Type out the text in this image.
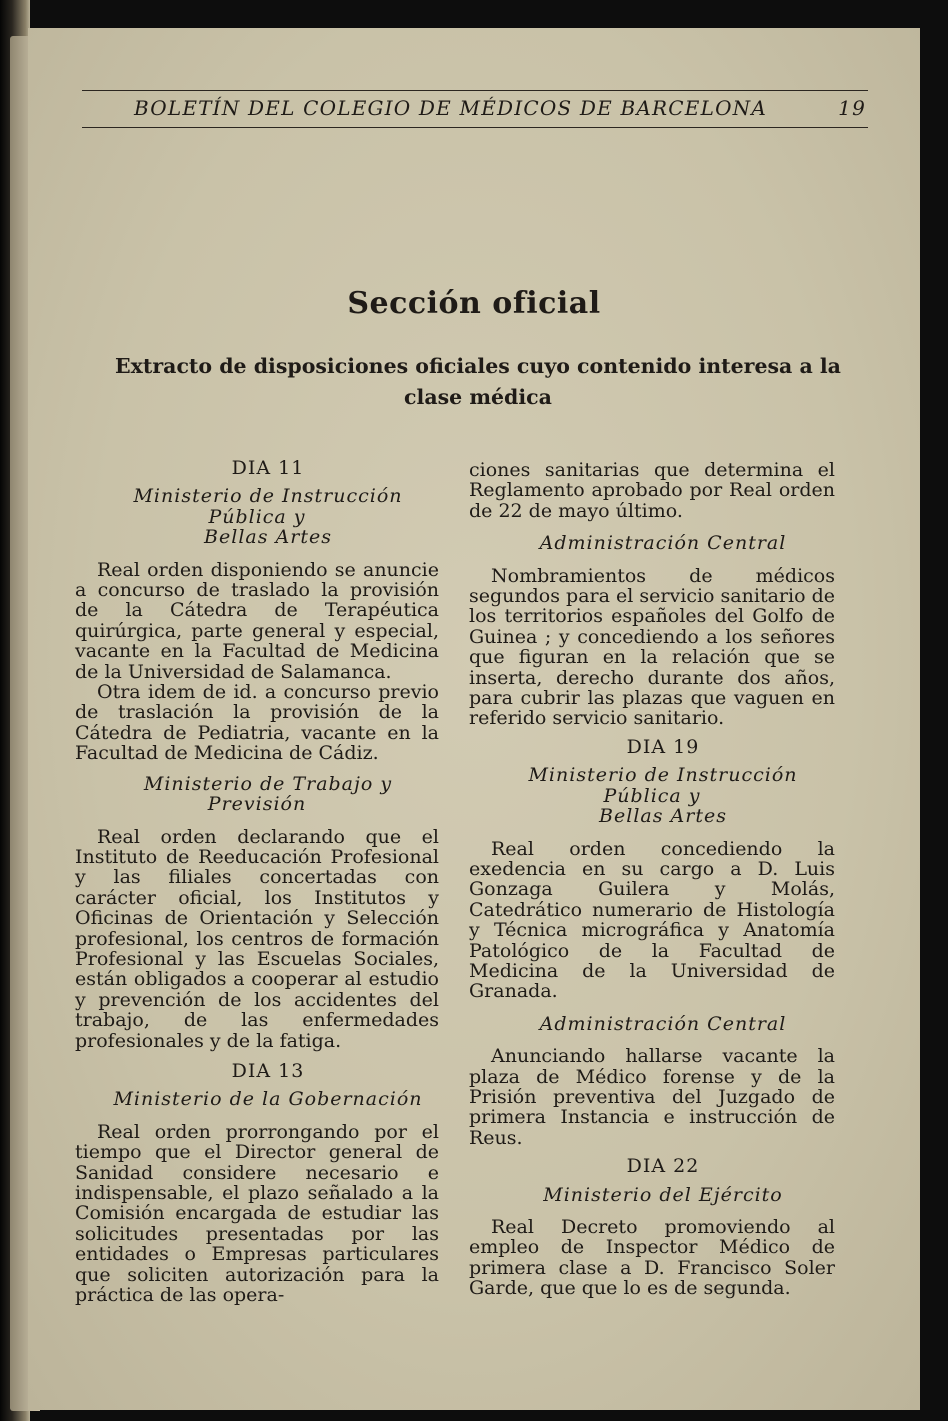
BOLETÍN DEL COLEGIO DE MÉDICOS DE BARCELONA	19
Sección oficial
Extracto de disposiciones oficiales cuyo contenido interesa a la
clase médica

DIA 11

Ministerio de Instrucción Pública y

Bellas Artes

Real orden disponiendo se anuncie a concurso de traslado la provisión de la Cátedra de Terapéutica quirúrgica, parte general y especial, vacante en la Facultad de Medicina de la Universidad de Salamanca.

Otra idem de id. a concurso previo de traslación la provisión de la Cátedra de Pediatria, vacante en la Facultad de Medicina de Cádiz.

Ministerio de Trabajo y Previsión

Real orden declarando que el Instituto de Reeducación Profesional y las filiales concertadas con carácter oficial, los Institutos y Oficinas de Orientación y Selección profesional, los centros de formación Profesional y las Escuelas Sociales, están obligados a cooperar al estudio y prevención de los accidentes del trabajo, de las enfermedades profesionales y de la fatiga.

DIA 13

Ministerio de la Gobernación

Real orden prorrongando por el tiempo que el Director general de Sanidad considere necesario e indispensable, el plazo señalado a la Comisión encargada de estudiar las solicitudes presentadas por las entidades o Empresas particulares que soliciten autorización para la práctica de las opera-

ciones sanitarias que determina el Reglamento aprobado por Real orden de 22 de mayo último.

Administración Central

Nombramientos de médicos segundos para el servicio sanitario de los territorios españoles del Golfo de Guinea ; y concediendo a los señores que figuran en la relación que se inserta, derecho durante dos años, para cubrir las plazas que vaguen en referido servicio sanitario.

DIA 19

Ministerio de Instrucción Pública y

Bellas Artes

Real orden concediendo la exedencia en su cargo a D. Luis Gonzaga Guilera y Molás, Catedrático numerario de Histología y Técnica micrográfica y Anatomía Patológico de la Facultad de Medicina de la Universidad de Granada.

Administración Central

Anunciando hallarse vacante la plaza de Médico forense y de la Prisión preventiva del Juzgado de primera Instancia e instrucción de Reus.

DIA 22

Ministerio del Ejército

Real Decreto promoviendo al empleo de Inspector Médico de primera clase a D. Francisco Soler Garde, que que lo es de segunda.
